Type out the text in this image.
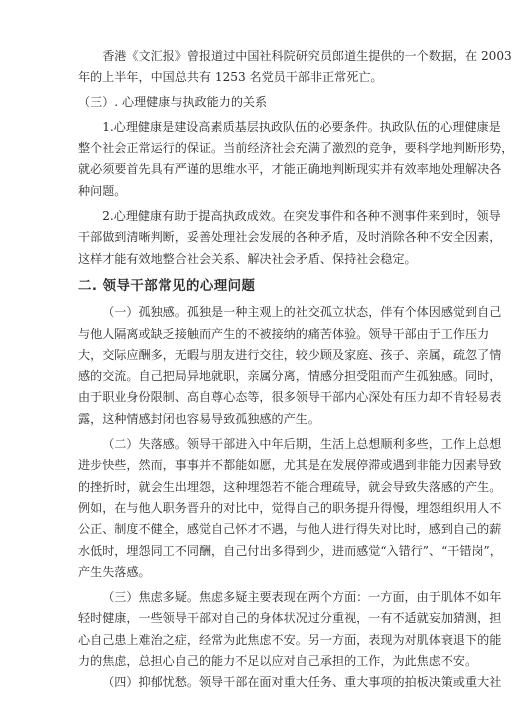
香港《文汇报》曾报道过中国社科院研究员郎道生提供的一个数据，在 2003
年的上半年，中国总共有 1253 名党员干部非正常死亡。

（三）. 心理健康与执政能力的关系

1.心理健康是建设高素质基层执政队伍的必要条件。执政队伍的心理健康是
整个社会正常运行的保证。当前经济社会充满了激烈的竞争，要科学地判断形势，
就必须要首先具有严谨的思维水平，才能正确地判断现实并有效率地处理解决各
种问题。

2.心理健康有助于提高执政成效。在突发事件和各种不测事件来到时，领导
干部做到清晰判断，妥善处理社会发展的各种矛盾，及时消除各种不安全因素，
这样才能有效地整合社会关系、解决社会矛盾、保持社会稳定。

二. 领导干部常见的心理问题

（一）孤独感。孤独是一种主观上的社交孤立状态，伴有个体因感觉到自己
与他人隔离或缺乏接触而产生的不被接纳的痛苦体验。领导干部由于工作压力
大，交际应酬多，无暇与朋友进行交往，较少顾及家庭、孩子、亲属，疏忽了情
感的交流。自己把局异地就职，亲属分离，情感分担受阻而产生孤独感。同时，
由于职业身份限制、高自尊心态等，很多领导干部内心深处有压力却不肯轻易表
露，这种情感封闭也容易导致孤独感的产生。

（二）失落感。领导干部进入中年后期，生活上总想顺利多些，工作上总想
进步快些，然而，事事并不都能如愿，尤其是在发展停滞或遇到非能力因素导致
的挫折时，就会生出埋怨，这种埋怨若不能合理疏导，就会导致失落感的产生。
例如，在与他人职务晋升的对比中，觉得自己的职务提升得慢，埋怨组织用人不
公正、制度不健全，感觉自己怀才不遇，与他人进行得失对比时，感到自己的薪
水低时，埋怨同工不同酬，自己付出多得到少，进而感觉“入错行”、“干错岗”，
产生失落感。

（三）焦虑多疑。焦虑多疑主要表现在两个方面：一方面，由于肌体不如年
轻时健康，一些领导干部对自己的身体状况过分重视，一有不适就妄加猜测，担
心自己患上难治之症，经常为此焦虑不安。另一方面，表现为对肌体衰退下的能
力的焦虑，总担心自己的能力不足以应对自己承担的工作，为此焦虑不安。

（四）抑郁忧愁。领导干部在面对重大任务、重大事项的拍板决策或重大社
